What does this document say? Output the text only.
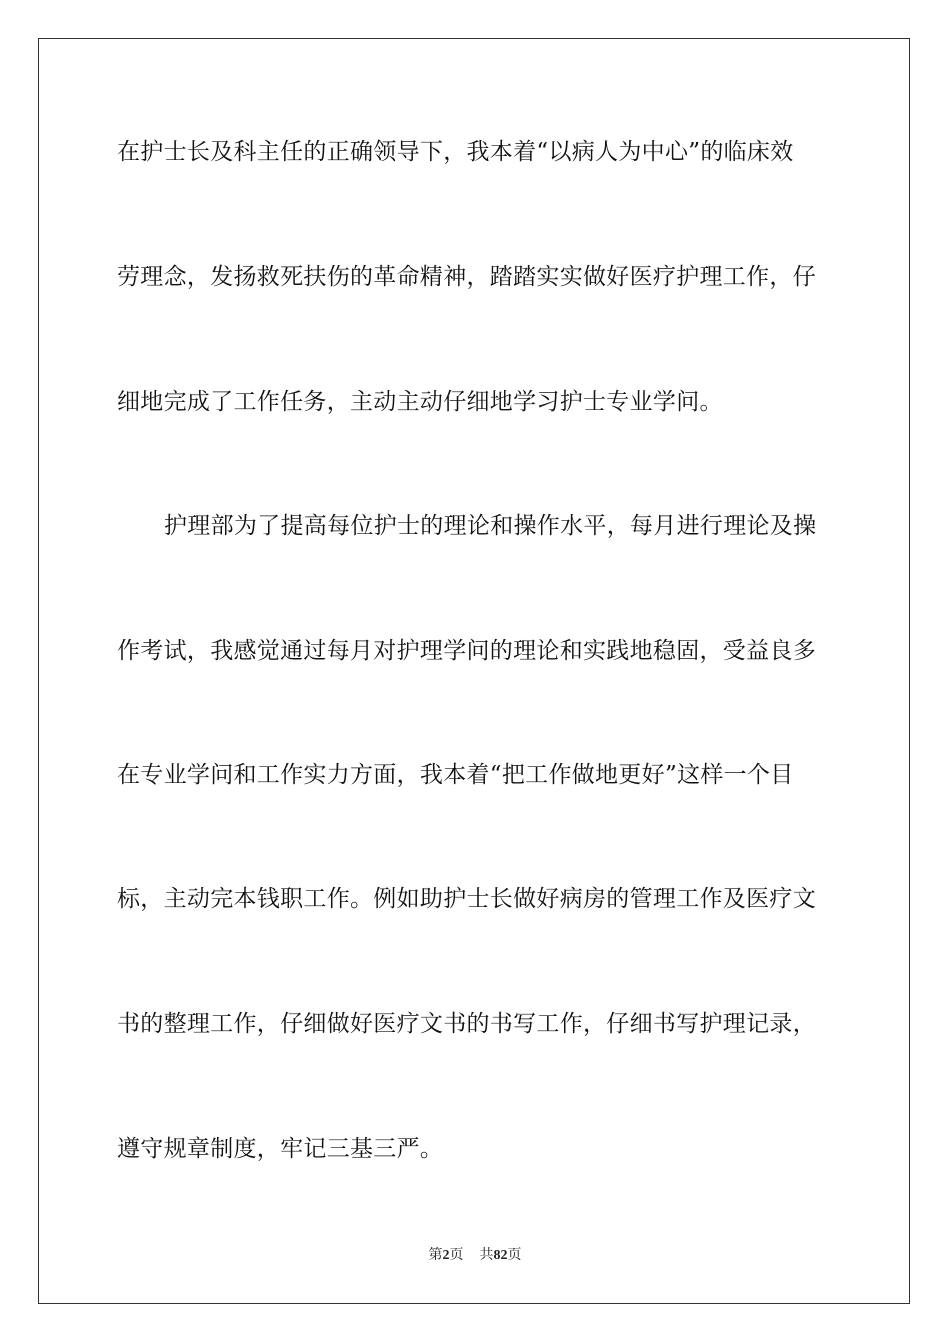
在护士长及科主任的正确领导下，我本着“以病人为中心”的临床效
劳理念，发扬救死扶伤的革命精神，踏踏实实做好医疗护理工作，仔
细地完成了工作任务，主动主动仔细地学习护士专业学问。
护理部为了提高每位护士的理论和操作水平，每月进行理论及操
作考试，我感觉通过每月对护理学问的理论和实践地稳固，受益良多
在专业学问和工作实力方面，我本着“把工作做地更好”这样一个目
标，主动完本钱职工作。例如助护士长做好病房的管理工作及医疗文
书的整理工作，仔细做好医疗文书的书写工作，仔细书写护理记录，
遵守规章制度，牢记三基三严。
第2页 共82页
